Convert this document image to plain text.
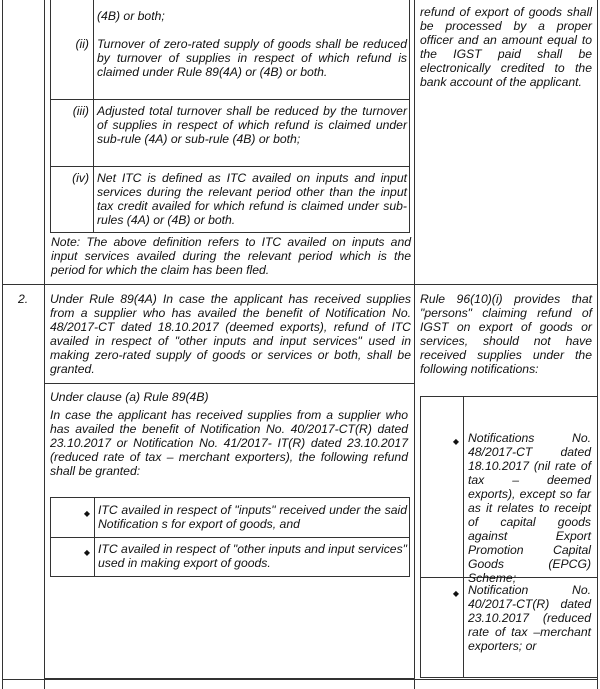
(4B) or both;
(ii) Turnover of zero-rated supply of goods shall be reduced by turnover of supplies in respect of which refund is claimed under Rule 89(4A) or (4B) or both.
(iii) Adjusted total turnover shall be reduced by the turnover of supplies in respect of which refund is claimed under sub-rule (4A) or sub-rule (4B) or both;
(iv) Net ITC is defined as ITC availed on inputs and input services during the relevant period other than the input tax credit availed for which refund is claimed under sub-rules (4A) or (4B) or both.
Note: The above definition refers to ITC availed on inputs and input services availed during the relevant period which is the period for which the claim has been fled.
refund of export of goods shall be processed by a proper officer and an amount equal to the IGST paid shall be electronically credited to the bank account of the applicant.
2. Under Rule 89(4A) In case the applicant has received supplies from a supplier who has availed the benefit of Notification No. 48/2017-CT dated 18.10.2017 (deemed exports), refund of ITC availed in respect of "other inputs and input services" used in making zero-rated supply of goods or services or both, shall be granted.
Under clause (a) Rule 89(4B)
In case the applicant has received supplies from a supplier who has availed the benefit of Notification No. 40/2017-CT(R) dated 23.10.2017 or Notification No. 41/2017- IT(R) dated 23.10.2017 (reduced rate of tax – merchant exporters), the following refund shall be granted:
◆ ITC availed in respect of "inputs" received under the said Notification s for export of goods, and
◆ ITC availed in respect of "other inputs and input services" used in making export of goods.
Rule 96(10)(i) provides that "persons" claiming refund of IGST on export of goods or services, should not have received supplies under the following notifications:
◆ Notifications No. 48/2017-CT dated 18.10.2017 (nil rate of tax – deemed exports), except so far as it relates to receipt of capital goods against Export Promotion Capital Goods (EPCG) Scheme;
◆ Notification No. 40/2017-CT(R) dated 23.10.2017 (reduced rate of tax –merchant exporters; or
